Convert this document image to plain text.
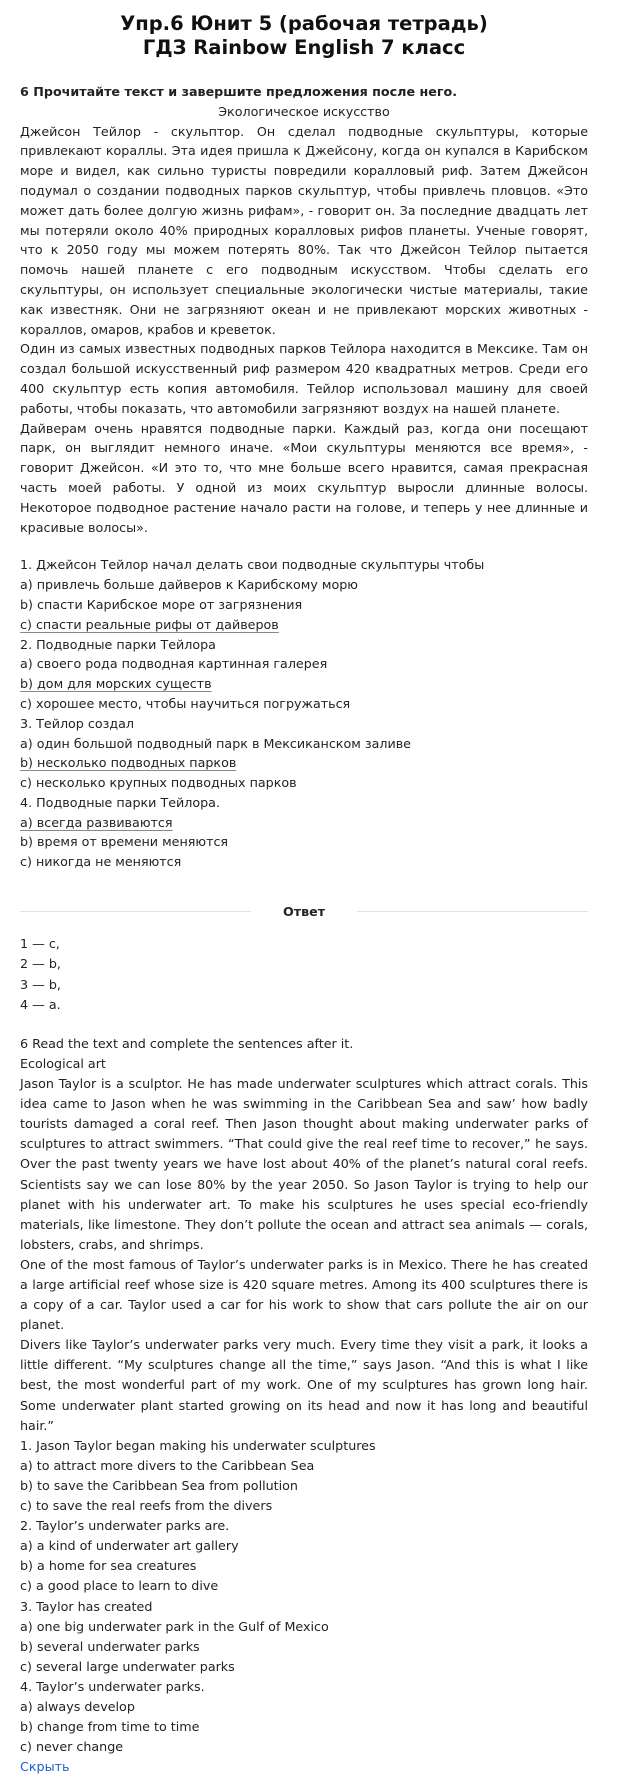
Упр.6 Юнит 5 (рабочая тетрадь)
ГДЗ Rainbow English 7 класс

6 Прочитайте текст и завершите предложения после него.

Экологическое искусство

Джейсон Тейлор - скульптор. Он сделал подводные скульптуры, которые привлекают кораллы. Эта идея пришла к Джейсону, когда он купался в Карибском море и видел, как сильно туристы повредили коралловый риф. Затем Джейсон подумал о создании подводных парков скульптур, чтобы привлечь пловцов. «Это может дать более долгую жизнь рифам», - говорит он. За последние двадцать лет мы потеряли около 40% природных коралловых рифов планеты. Ученые говорят, что к 2050 году мы можем потерять 80%. Так что Джейсон Тейлор пытается помочь нашей планете с его подводным искусством. Чтобы сделать его скульптуры, он использует специальные экологически чистые материалы, такие как известняк. Они не загрязняют океан и не привлекают морских животных - кораллов, омаров, крабов и креветок.

Один из самых известных подводных парков Тейлора находится в Мексике. Там он создал большой искусственный риф размером 420 квадратных метров. Среди его 400 скульптур есть копия автомобиля. Тейлор использовал машину для своей работы, чтобы показать, что автомобили загрязняют воздух на нашей планете.

Дайверам очень нравятся подводные парки. Каждый раз, когда они посещают парк, он выглядит немного иначе. «Мои скульптуры меняются все время», - говорит Джейсон. «И это то, что мне больше всего нравится, самая прекрасная часть моей работы. У одной из моих скульптур выросли длинные волосы. Некоторое подводное растение начало расти на голове, и теперь у нее длинные и красивые волосы».

1. Джейсон Тейлор начал делать свои подводные скульптуры чтобы

a) привлечь больше дайверов к Карибскому морю

b) спасти Карибское море от загрязнения

c) спасти реальные рифы от дайверов

2. Подводные парки Тейлора

a) своего рода подводная картинная галерея

b) дом для морских существ

c) хорошее место, чтобы научиться погружаться

3. Тейлор создал

a) один большой подводный парк в Мексиканском заливе

b) несколько подводных парков

c) несколько крупных подводных парков

4. Подводные парки Тейлора.

a) всегда развиваются

b) время от времени меняются

c) никогда не меняются

Ответ

1 — c,

2 — b,

3 — b,

4 — a.

6 Read the text and complete the sentences after it.

Ecological art

Jason Taylor is a sculptor. He has made underwater sculptures which attract corals. This idea came to Jason when he was swimming in the Caribbean Sea and saw’ how badly tourists damaged a coral reef. Then Jason thought about making underwater parks of sculptures to attract swimmers. “That could give the real reef time to recover,” he says. Over the past twenty years we have lost about 40% of the planet’s natural coral reefs. Scientists say we can lose 80% by the year 2050. So Jason Taylor is trying to help our planet with his underwater art. To make his sculptures he uses special eco-friendly materials, like limestone. They don’t pollute the ocean and attract sea animals — corals, lobsters, crabs, and shrimps.

One of the most famous of Taylor’s underwater parks is in Mexico. There he has created a large artificial reef whose size is 420 square metres. Among its 400 sculptures there is a copy of a car. Taylor used a car for his work to show that cars pollute the air on our planet.

Divers like Taylor’s underwater parks very much. Every time they visit a park, it looks a little different. “My sculptures change all the time,” says Jason. “And this is what I like best, the most wonderful part of my work. One of my sculptures has grown long hair. Some underwater plant started growing on its head and now it has long and beautiful hair.”

1. Jason Taylor began making his underwater sculptures

a) to attract more divers to the Caribbean Sea

b) to save the Caribbean Sea from pollution

c) to save the real reefs from the divers

2. Taylor’s underwater parks are.

a) a kind of underwater art gallery

b) a home for sea creatures

c) a good place to learn to dive

3. Taylor has created

a) one big underwater park in the Gulf of Mexico

b) several underwater parks

c) several large underwater parks

4. Taylor’s underwater parks.

a) always develop

b) change from time to time

c) never change

Скрыть
